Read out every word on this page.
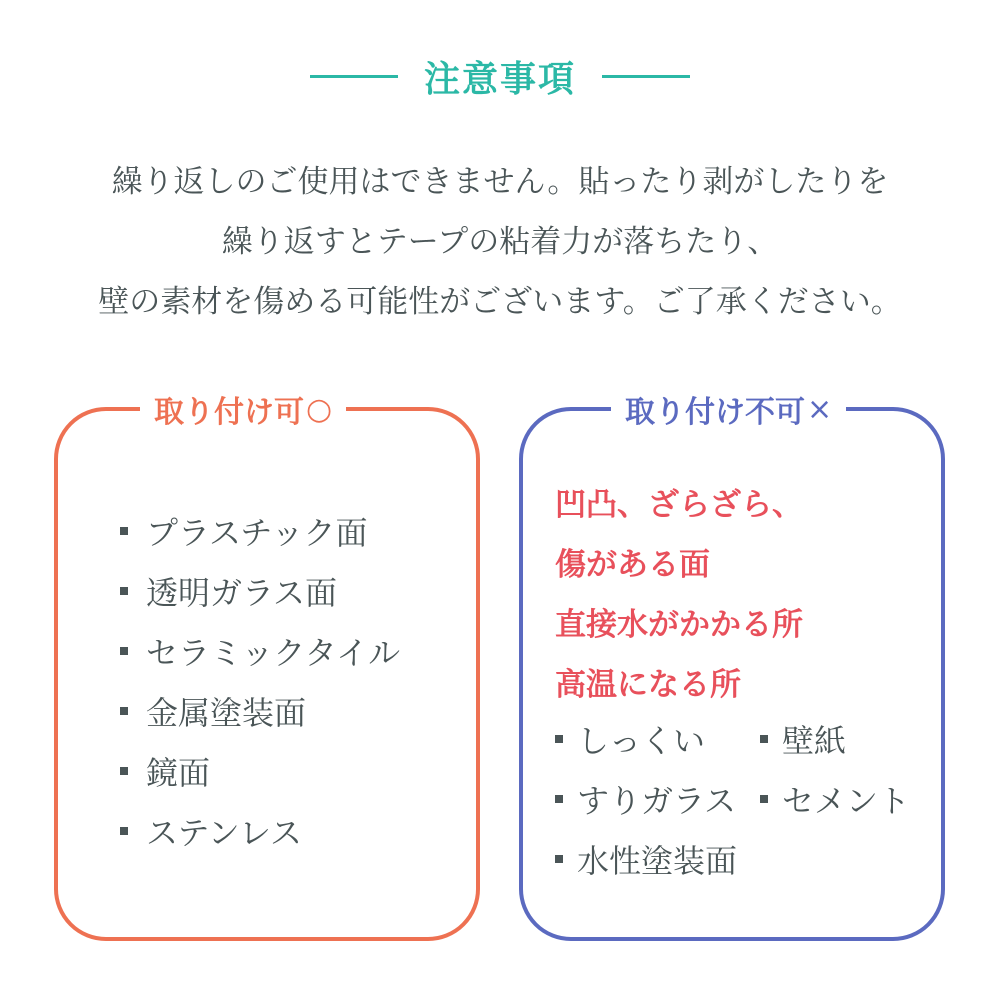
注意事項
繰り返しのご使用はできません。貼ったり剥がしたりを
繰り返すとテープの粘着力が落ちたり、
壁の素材を傷める可能性がございます。ご了承ください。
取り付け可 ○
プラスチック面
透明ガラス面
セラミックタイル
金属塗装面
鏡面
ステンレス
取り付け不可 ×
凹凸、ざらざら、
傷がある面
直接水がかかる所
高温になる所
しっくい 壁紙
すりガラス セメント
水性塗装面
